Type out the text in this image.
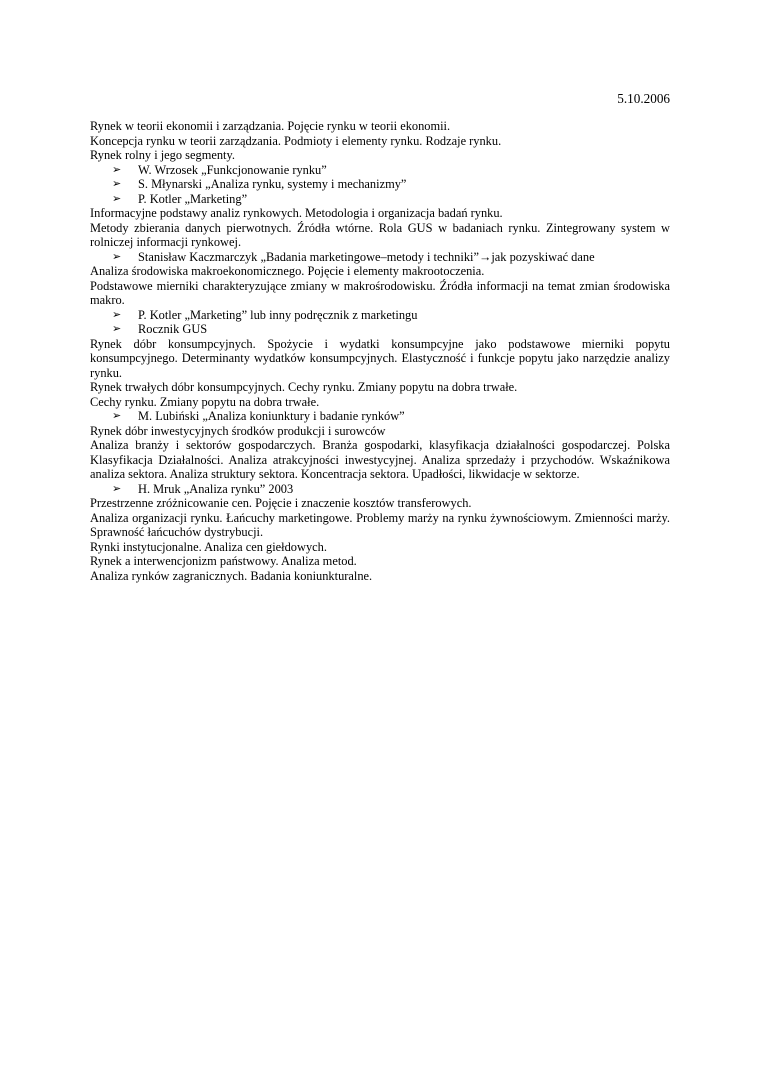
5.10.2006

Rynek w teorii ekonomii i zarządzania. Pojęcie rynku w teorii ekonomii.

Koncepcja rynku w teorii zarządzania. Podmioty i elementy rynku. Rodzaje rynku.

Rynek rolny i jego segmenty.

➢ W. Wrzosek „Funkcjonowanie rynku”
➢ S. Młynarski „Analiza rynku, systemy i mechanizmy”
➢ P. Kotler „Marketing”

Informacyjne podstawy analiz rynkowych. Metodologia i organizacja badań rynku.

Metody zbierania danych pierwotnych. Źródła wtórne. Rola GUS w badaniach rynku. Zintegrowany system w rolniczej informacji rynkowej.

➢ Stanisław Kaczmarczyk „Badania marketingowe–metody i techniki”→jak pozyskiwać dane

Analiza środowiska makroekonomicznego. Pojęcie i elementy makrootoczenia.

Podstawowe mierniki charakteryzujące zmiany w makrośrodowisku. Źródła informacji na temat zmian środowiska makro.

➢ P. Kotler „Marketing” lub inny podręcznik z marketingu
➢ Rocznik GUS

Rynek dóbr konsumpcyjnych. Spożycie i wydatki konsumpcyjne jako podstawowe mierniki popytu konsumpcyjnego. Determinanty wydatków konsumpcyjnych. Elastyczność i funkcje popytu jako narzędzie analizy rynku.

Rynek trwałych dóbr konsumpcyjnych. Cechy rynku. Zmiany popytu na dobra trwałe.

Cechy rynku. Zmiany popytu na dobra trwałe.

➢ M. Lubiński „Analiza koniunktury i badanie rynków”

Rynek dóbr inwestycyjnych środków produkcji i surowców

Analiza branży i sektorów gospodarczych. Branża gospodarki, klasyfikacja działalności gospodarczej. Polska Klasyfikacja Działalności. Analiza atrakcyjności inwestycyjnej. Analiza sprzedaży i przychodów. Wskaźnikowa analiza sektora. Analiza struktury sektora. Koncentracja sektora. Upadłości, likwidacje w sektorze.

➢ H. Mruk „Analiza rynku” 2003

Przestrzenne zróżnicowanie cen. Pojęcie i znaczenie kosztów transferowych.

Analiza organizacji rynku. Łańcuchy marketingowe. Problemy marży na rynku żywnościowym. Zmienności marży. Sprawność łańcuchów dystrybucji.

Rynki instytucjonalne. Analiza cen giełdowych.

Rynek a interwencjonizm państwowy. Analiza metod.

Analiza rynków zagranicznych. Badania koniunkturalne.
